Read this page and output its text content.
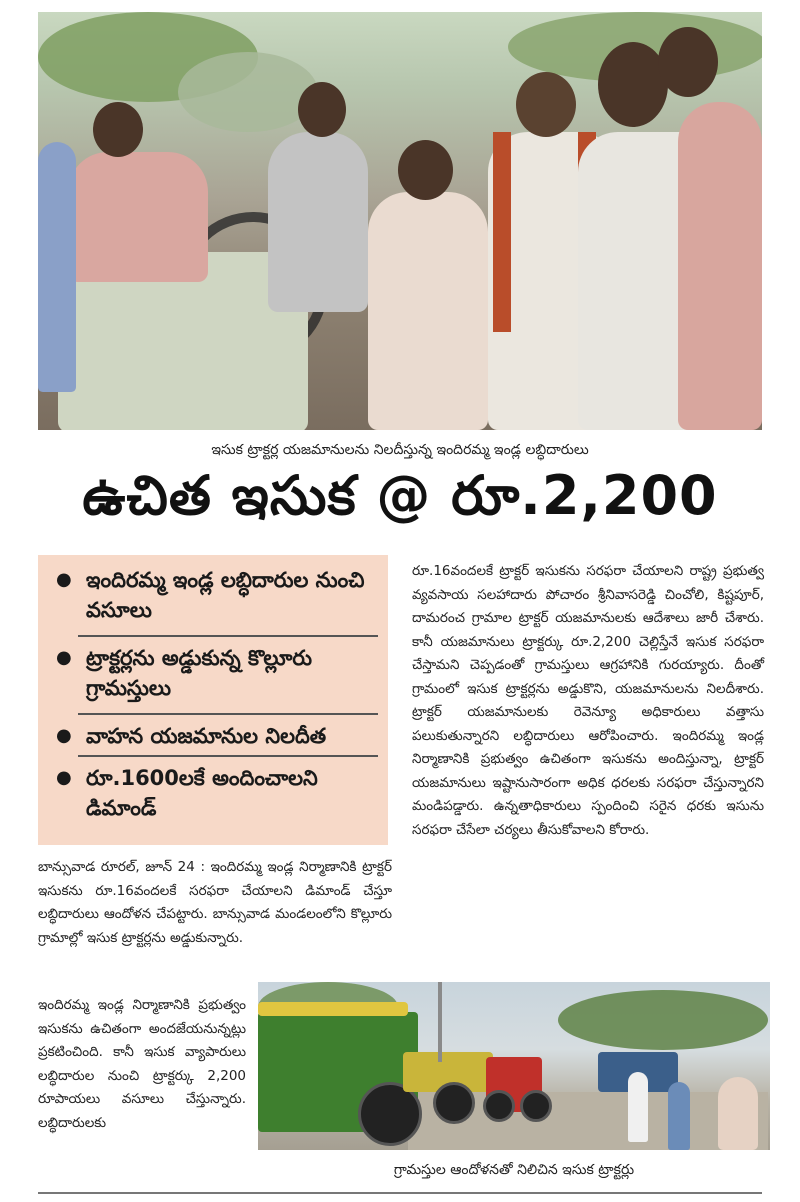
ఇసుక ట్రాక్టర్ల యజమానులను నిలదీస్తున్న ఇందిరమ్మ ఇండ్ల లబ్ధిదారులు
ఉచిత ఇసుక @ రూ.2,200
● ఇందిరమ్మ ఇండ్ల లబ్ధిదారుల నుంచి వసూలు
● ట్రాక్టర్లను అడ్డుకున్న కొల్లూరు గ్రామస్తులు
● వాహన యజమానుల నిలదీత
● రూ.1600లకే అందించాలని డిమాండ్
రూ.16వందలకే ట్రాక్టర్ ఇసుకను సరఫరా చేయాలని రాష్ట్ర ప్రభుత్వ వ్యవసాయ సలహాదారు పోచారం శ్రీనివాసరెడ్డి చించోలి, కిష్టపూర్, దామరంచ గ్రామాల ట్రాక్టర్ యజమానులకు ఆదేశాలు జారీ చేశారు. కానీ యజమానులు ట్రాక్టర్కు రూ.2,200 చెల్లిస్తేనే ఇసుక సరఫరా చేస్తామని చెప్పడంతో గ్రామస్తులు ఆగ్రహానికి గురయ్యారు. దీంతో గ్రామంలో ఇసుక ట్రాక్టర్లను అడ్డుకొని, యజమానులను నిలదీశారు. ట్రాక్టర్ యజమానులకు రెవెన్యూ అధికారులు వత్తాసు పలుకుతున్నారని లబ్ధిదారులు ఆరోపించారు. ఇందిరమ్మ ఇండ్ల నిర్మాణానికి ప్రభుత్వం ఉచితంగా ఇసుకను అందిస్తున్నా, ట్రాక్టర్ యజమానులు ఇష్టానుసారంగా అధిక ధరలకు సరఫరా చేస్తున్నారని మండిపడ్డారు. ఉన్నతాధికారులు స్పందించి సరైన ధరకు ఇసును సరఫరా చేసేలా చర్యలు తీసుకోవాలని కోరారు.
బాన్సువాడ రూరల్, జూన్ 24 : ఇందిరమ్మ ఇండ్ల నిర్మాణానికి ట్రాక్టర్ ఇసుకను రూ.16వందలకే సరఫరా చేయాలని డిమాండ్ చేస్తూ లబ్ధిదారులు ఆందోళన చేపట్టారు. బాన్సువాడ మండలంలోని కొల్లూరు గ్రామాల్లో ఇసుక ట్రాక్టర్లను అడ్డుకున్నారు.
ఇందిరమ్మ ఇండ్ల నిర్మాణానికి ప్రభుత్వం ఇసుకను ఉచితంగా అందజేయనున్నట్లు ప్రకటించింది. కానీ ఇసుక వ్యాపారులు లబ్ధిదారుల నుంచి ట్రాక్టర్కు 2,200 రూపాయలు వసూలు చేస్తున్నారు. లబ్ధిదారులకు
గ్రామస్తుల ఆందోళనతో నిలిచిన ఇసుక ట్రాక్టర్లు
